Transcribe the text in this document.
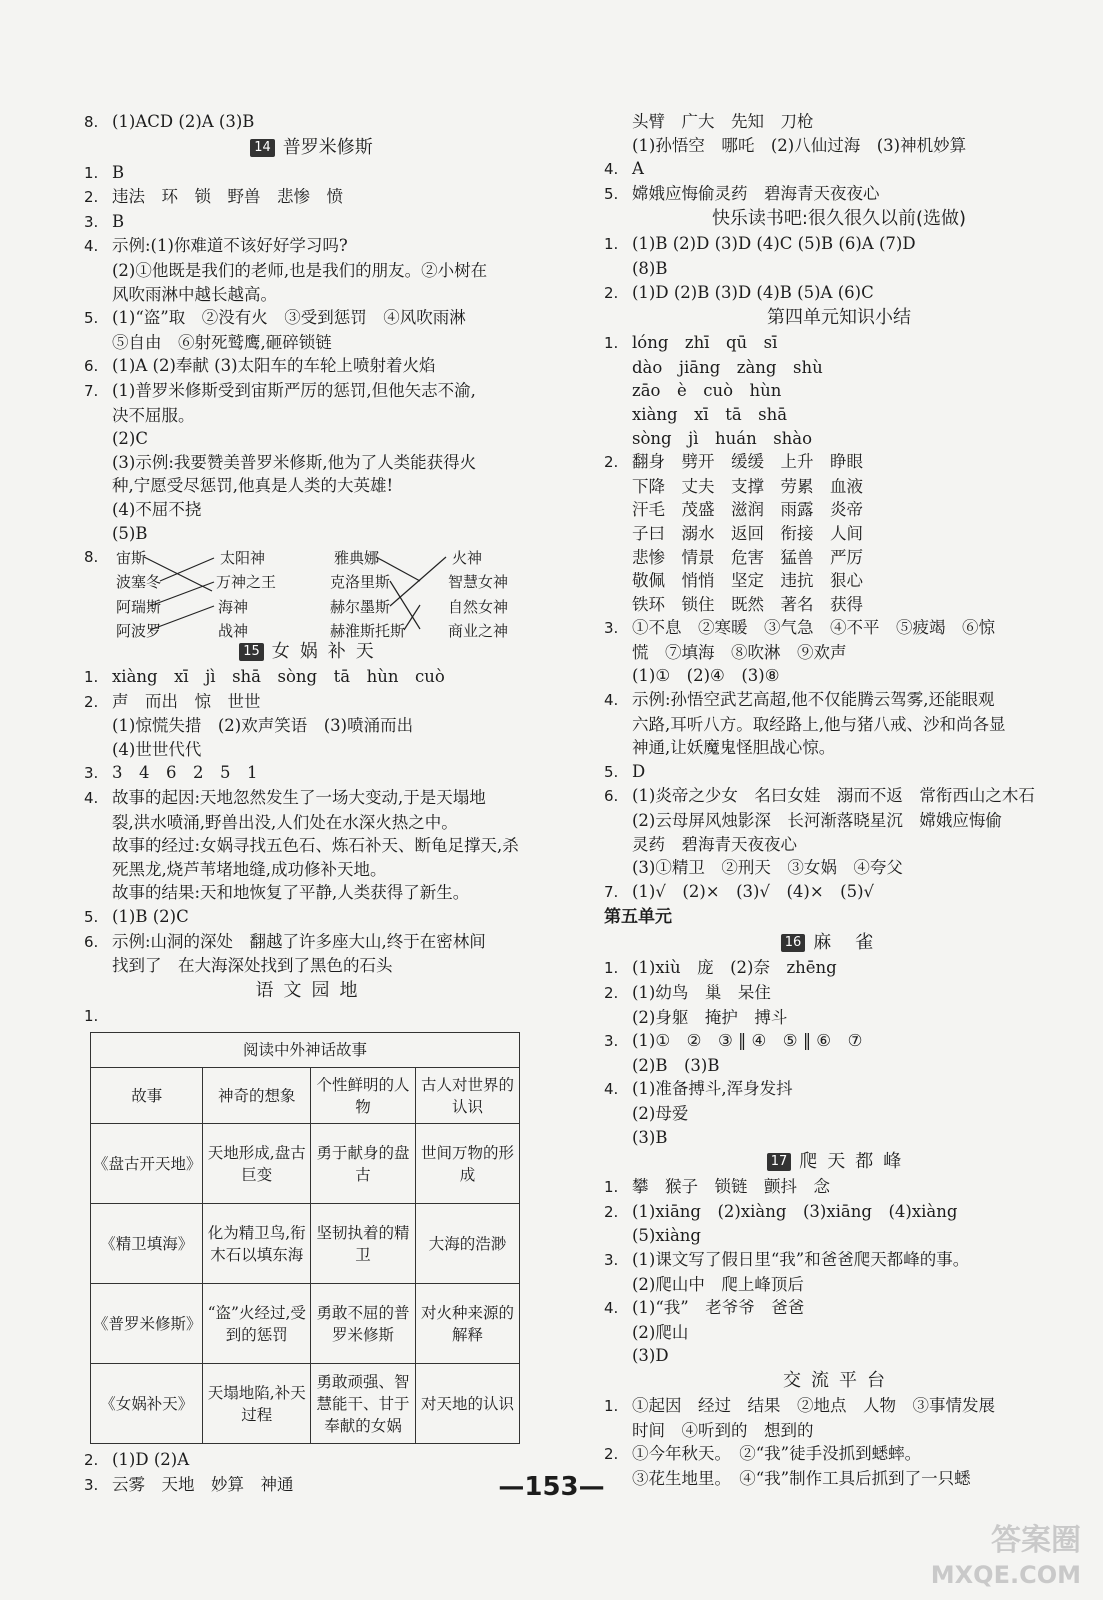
8. (1)ACD (2)A (3)B
14 普罗米修斯
1. B
2. 违法　环　锁　野兽　悲惨　愤
3. B
4. 示例:(1)你难道不该好好学习吗?
(2)①他既是我们的老师,也是我们的朋友。②小树在
风吹雨淋中越长越高。
5. (1)“盗”取　②没有火　③受到惩罚　④风吹雨淋
⑤自由　⑥射死鹫鹰,砸碎锁链
6. (1)A (2)奉献 (3)太阳车的车轮上喷射着火焰
7. (1)普罗米修斯受到宙斯严厉的惩罚,但他矢志不渝,
决不屈服。
(2)C
(3)示例:我要赞美普罗米修斯,他为了人类能获得火
种,宁愿受尽惩罚,他真是人类的大英雄!
(4)不屈不挠
(5)B
8.	宙斯
波塞冬
阿瑞斯
阿波罗
太阳神
万神之王
海神
战神
雅典娜
克洛里斯
赫尔墨斯
赫淮斯托斯
火神
智慧女神
自然女神
商业之神
15 女娲补天
1. xiàng　xī　jì　shā　sòng　tā　hùn　cuò
2. 声　而出　惊　世世
(1)惊慌失措　(2)欢声笑语　(3)喷涌而出
(4)世世代代
3. 3　4　6　2　5　1
4. 故事的起因:天地忽然发生了一场大变动,于是天塌地
裂,洪水喷涌,野兽出没,人们处在水深火热之中。
故事的经过:女娲寻找五色石、炼石补天、断龟足撑天,杀
死黑龙,烧芦苇堵地缝,成功修补天地。
故事的结果:天和地恢复了平静,人类获得了新生。
5. (1)B (2)C
6. 示例:山洞的深处　翻越了许多座大山,终于在密林间
找到了　在大海深处找到了黑色的石头
语文园地
1.
阅读中外神话故事			
故事	神奇的想象	个性鲜明的人物	古人对世界的认识
《盘古开天地》	天地形成,盘古巨变	勇于献身的盘古	世间万物的形成
《精卫填海》	化为精卫鸟,衔木石以填东海	坚韧执着的精卫	大海的浩渺
《普罗米修斯》	“盗”火经过,受到的惩罚	勇敢不屈的普罗米修斯	对火种来源的解释
《女娲补天》	天塌地陷,补天过程	勇敢顽强、智慧能干、甘于奉献的女娲	对天地的认识
2. (1)D (2)A
3. 云雾　天地　妙算　神通
头臂　广大　先知　刀枪
(1)孙悟空　哪吒　(2)八仙过海　(3)神机妙算
4. A
5. 嫦娥应悔偷灵药　碧海青天夜夜心
快乐读书吧:很久很久以前(选做)
1. (1)B (2)D (3)D (4)C (5)B (6)A (7)D
(8)B
2. (1)D (2)B (3)D (4)B (5)A (6)C
第四单元知识小结
1. lóng　zhī　qū　sī
dào　jiāng　zàng　shù
zāo　è　cuò　hùn
xiàng　xī　tā　shā
sòng　jì　huán　shào
2. 翻身　劈开　缓缓　上升　睁眼
下降　丈夫　支撑　劳累　血液
汗毛　茂盛　滋润　雨露　炎帝
子曰　溺水　返回　衔接　人间
悲惨　情景　危害　猛兽　严厉
敬佩　悄悄　坚定　违抗　狠心
铁环　锁住　既然　著名　获得
3. ①不息　②寒暖　③气急　④不平　⑤疲竭　⑥惊
慌　⑦填海　⑧吹淋　⑨欢声
(1)①　(2)④　(3)⑧
4. 示例:孙悟空武艺高超,他不仅能腾云驾雾,还能眼观
六路,耳听八方。取经路上,他与猪八戒、沙和尚各显
神通,让妖魔鬼怪胆战心惊。
5. D
6. (1)炎帝之少女　名曰女娃　溺而不返　常衔西山之木石
(2)云母屏风烛影深　长河渐落晓星沉　嫦娥应悔偷
灵药　碧海青天夜夜心
(3)①精卫　②刑天　③女娲　④夸父
7. (1)√　(2)×　(3)√　(4)×　(5)√
第五单元
16 麻雀
1. (1)xiù　庞　(2)奈　zhēng
2. (1)幼鸟　巢　呆住
(2)身躯　掩护　搏斗
3. (1)①　②　③ ‖ ④　⑤ ‖ ⑥　⑦
(2)B　(3)B
4. (1)准备搏斗,浑身发抖
(2)母爱
(3)B
17 爬天都峰
1. 攀　猴子　锁链　颤抖　念
2. (1)xiāng　(2)xiàng　(3)xiāng　(4)xiàng
(5)xiàng
3. (1)课文写了假日里“我”和爸爸爬天都峰的事。
(2)爬山中　爬上峰顶后
4. (1)“我”　老爷爷　爸爸
(2)爬山
(3)D
交流平台
1. ①起因　经过　结果　②地点　人物　③事情发展
时间　④听到的　想到的
2. ①今年秋天。　②“我”徒手没抓到蟋蟀。
③花生地里。　④“我”制作工具后抓到了一只蟋
—153—
答案圈
MXQE.COM
